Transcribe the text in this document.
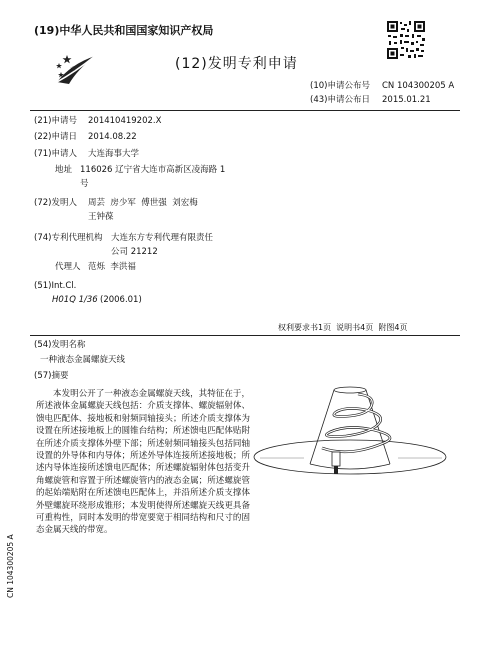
(19)中华人民共和国国家知识产权局
(12)发明专利申请
(10)申请公布号 CN 104300205 A
(43)申请公布日 2015.01.21
(21)申请号 201410419202.X
(22)申请日 2014.08.22
(71)申请人 大连海事大学
地址 116026 辽宁省大连市高新区凌海路 1
号
(72)发明人 周芸  房少军  傅世强  刘宏梅
王钟葆
(74)专利代理机构 大连东方专利代理有限责任
公司 21212
代理人 范烁  李洪福
(51)Int.Cl.
H01Q 1/36 (2006.01)
权利要求书1页  说明书4页  附图4页
(54)发明名称
一种液态金属螺旋天线
(57)摘要
本发明公开了一种液态金属螺旋天线，其特征在于，所述液体金属螺旋天线包括：介质支撑体、螺旋辐射体、馈电匹配体、接地板和射频同轴接头；所述介质支撑体为设置在所述接地板上的圆锥台结构；所述馈电匹配体贴附在所述介质支撑体外壁下部；所述射频同轴接头包括同轴设置的外导体和内导体；所述外导体连接所述接地板；所述内导体连接所述馈电匹配体；所述螺旋辐射体包括变升角螺旋管和容置于所述螺旋管内的液态金属；所述螺旋管的起始端贴附在所述馈电匹配体上，并沿所述介质支撑体外壁螺旋环绕形成锥形；本发明使得所述螺旋天线更具备可重构性，同时本发明的带宽要宽于相同结构和尺寸的固态金属天线的带宽。
CN 104300205 A
